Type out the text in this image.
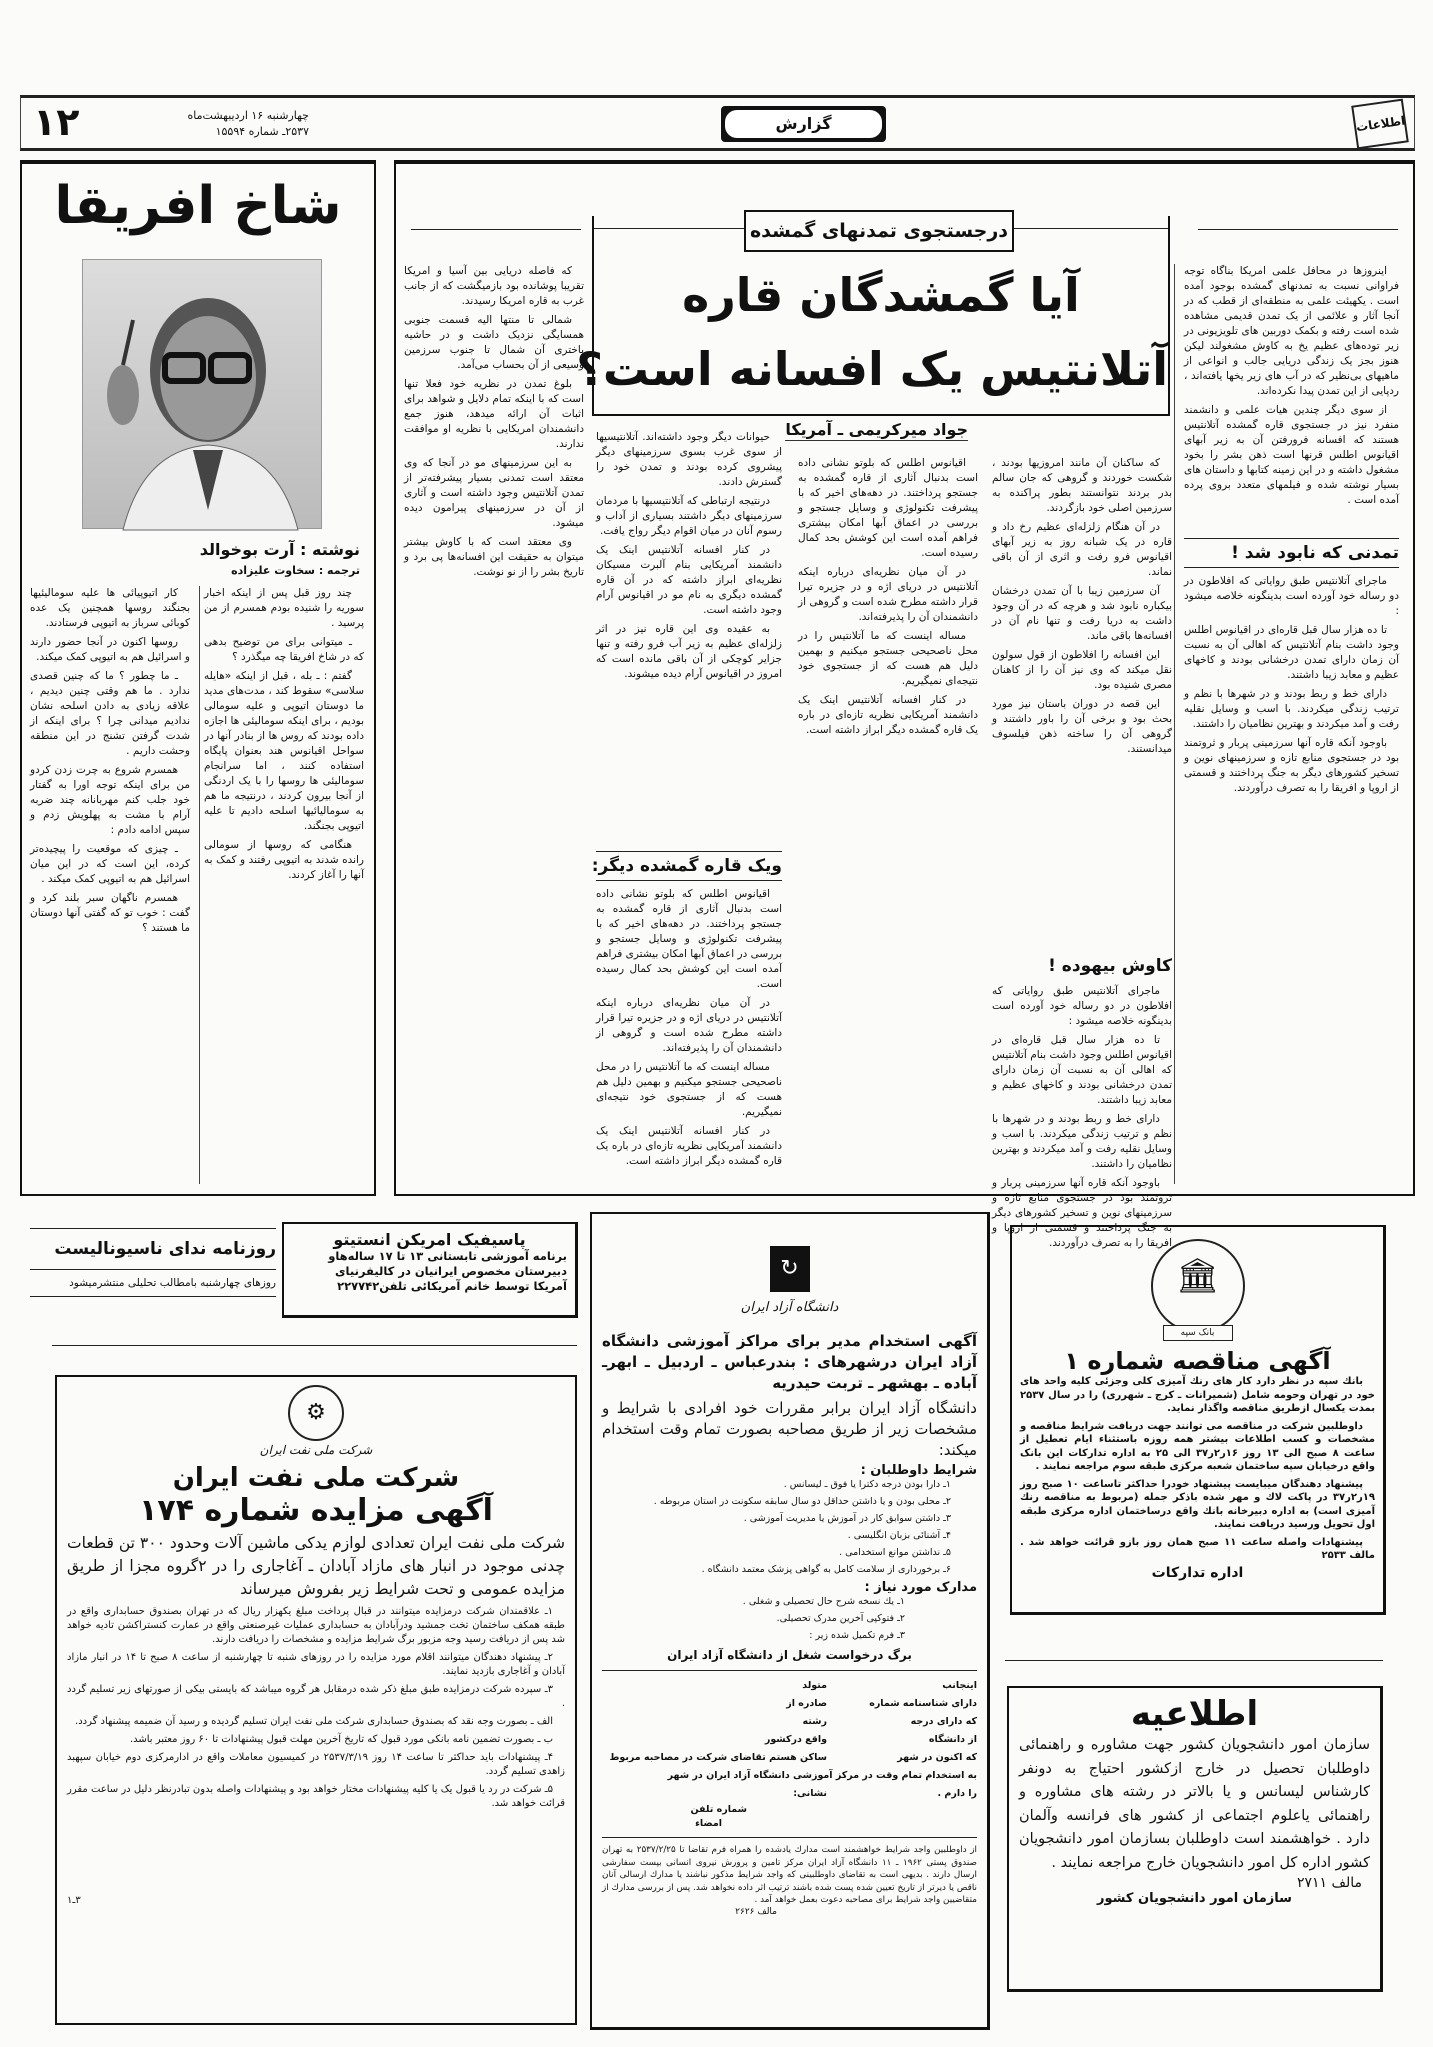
اطلاعات
گزارش
۱۲	چهارشنبه ۱۶ اردیبهشت‌ماه
۲۵۳۷ـ شماره ۱۵۵۹۴
شاخ افریقا
نوشته : آرت بوخوالد
ترجمه : سخاوت علیزاده

چند روز قبل پس از اینکه اخبار سوریه را شنیده بودم همسرم از من پرسید .

ـ میتوانی برای من توضیح بدهی که در شاخ افریقا چه میگذرد ؟

گفتم : ـ بله ، قبل از اینکه «هایله سلاسی» سقوط کند ، مدت‌های مدید ما دوستان اتیوپی و علیه سومالی بودیم ، برای اینکه سومالیئی ها اجازه داده بودند که روس ها از بنادر آنها در سواحل اقیانوس هند بعنوان پایگاه استفاده کنند ، اما سرانجام سومالیئی ها روسها را با یک اردنگی از آنجا بیرون کردند ، درنتیجه ما هم به سومالیائیها اسلحه دادیم تا علیه اتیوپی بجنگند.

هنگامی که روسها از سومالی رانده شدند به اتیوپی رفتند و کمک به آنها را آغاز کردند.

کار اتیوپیائی ها علیه سومالیئیها بجنگند روسها همچنین یک عده کوبائی سرباز به اتیوپی فرستادند.

روسها اکنون در آنجا حضور دارند و اسرائیل هم به اتیوپی کمک میکند.

ـ ما چطور ؟ ما که چنین قصدی ندارد . ما هم وقتی چنین دیدیم ، علاقه زیادی به دادن اسلحه نشان ندادیم میدانی چرا ؟ برای اینکه از شدت گرفتن تشنج در این منطقه وحشت داریم .

همسرم شروع به چرت زدن کردو من برای اینکه توجه اورا به گفتار خود جلب کنم مهربانانه چند ضربه آرام با مشت به پهلویش زدم و سپس ادامه دادم :

ـ چیزی که موقعیت را پیچیده‌تر کرده، این است که در این میان اسرائیل هم به اتیوپی کمک میکند .

همسرم ناگهان سبر بلند کرد و گفت : خوب تو که گفتی آنها دوستان ما هستند ؟

درجستجوی تمدنهای گمشده
آیا گمشدگان قاره
آتلانتیس یک افسانه است؟
جواد میرکریمی ـ آمریکا

اینروزها در محافل علمی امریکا بناگاه توجه فراوانی نسبت به تمدنهای گمشده بوجود آمده است . یکهیئت علمی به منطقه‌ای از قطب که در آنجا آثار و علائمی از یک تمدن قدیمی مشاهده شده است رفته و بکمک دوربین های تلویزیونی در زیر توده‌های عظیم یخ به کاوش مشغولند لیکن هنوز بجز یک زندگی دریایی جالب و انواعی از ماهیهای بی‌نظیر که در آب های زیر یخها یافته‌اند ، ردپایی از این تمدن پیدا نکرده‌اند.

از سوی دیگر چندین هیات علمی و دانشمند منفرد نیز در جستجوی قاره گمشده آتلانتیس هستند که افسانه فرورفتن آن به زیر آبهای اقیانوس اطلس قرنها است ذهن بشر را بخود مشغول داشته و در این زمینه کتابها و داستان های بسیار نوشته شده و فیلمهای متعدد بروی پرده آمده است .

تمدنی که نابود شد !

ماجرای آتلانتیس طبق روایاتی که افلاطون در دو رساله خود آورده است بدینگونه خلاصه میشود :

تا ده هزار سال قبل قاره‌ای در اقیانوس اطلس وجود داشت بنام آتلانتیس که اهالی آن به نسبت آن زمان دارای تمدن درخشانی بودند و کاخهای عظیم و معابد زیبا داشتند.

دارای خط و ربط بودند و در شهرها با نظم و ترتیب زندگی میکردند. با اسب و وسایل نقلیه رفت و آمد میکردند و بهترین نظامیان را داشتند.

باوجود آنکه قاره آنها سرزمینی پربار و ثروتمند بود در جستجوی منابع تازه و سرزمینهای نوین و تسخیر کشورهای دیگر به جنگ پرداختند و قسمتی از اروپا و افریقا را به تصرف درآوردند.

که ساکنان آن مانند امروزیها بودند ، شکست خوردند و گروهی که جان سالم بدر بردند نتوانستند بطور پراکنده به سرزمین اصلی خود بازگردند.

در آن هنگام زلزله‌ای عظیم رخ داد و قاره در یک شبانه روز به زیر آبهای اقیانوس فرو رفت و اثری از آن باقی نماند.

آن سرزمین زیبا با آن تمدن درخشان بیکباره نابود شد و هرچه که در آن وجود داشت به دریا رفت و تنها نام آن در افسانه‌ها باقی ماند.

این افسانه را افلاطون از قول سولون نقل میکند که وی نیز آن را از کاهنان مصری شنیده بود.

این قصه در دوران باستان نیز مورد بحث بود و برخی آن را باور داشتند و گروهی آن را ساخته ذهن فیلسوف میدانستند.

کاوش بیهوده !

ماجرای آتلانتیس طبق روایاتی که افلاطون در دو رساله خود آورده است بدینگونه خلاصه میشود :

تا ده هزار سال قبل قاره‌ای در اقیانوس اطلس وجود داشت بنام آتلانتیس که اهالی آن به نسبت آن زمان دارای تمدن درخشانی بودند و کاخهای عظیم و معابد زیبا داشتند.

دارای خط و ربط بودند و در شهرها با نظم و ترتیب زندگی میکردند. با اسب و وسایل نقلیه رفت و آمد میکردند و بهترین نظامیان را داشتند.

باوجود آنکه قاره آنها سرزمینی پربار و ثروتمند بود در جستجوی منابع تازه و سرزمینهای نوین و تسخیر کشورهای دیگر به جنگ پرداختند و قسمتی از اروپا و افریقا را به تصرف درآوردند.

اقیانوس اطلس که بلوتو نشانی داده است بدنبال آثاری از قاره گمشده به جستجو پرداختند. در دهه‌های اخیر که با پیشرفت تکنولوژی و وسایل جستجو و بررسی در اعماق آبها امکان بیشتری فراهم آمده است این کوشش بحد کمال رسیده است.

در آن میان نظریه‌ای درباره اینکه آتلانتیس در دریای اژه و در جزیره تیرا قرار داشته مطرح شده است و گروهی از دانشمندان آن را پذیرفته‌اند.

مساله اینست که ما آتلانتیس را در محل ناصحیحی جستجو میکنیم و بهمین دلیل هم هست که از جستجوی خود نتیجه‌ای نمیگیریم.

در کنار افسانه آتلانتیس اینک یک دانشمند آمریکایی نظریه تازه‌ای در باره یک قاره گمشده دیگر ابراز داشته است.

حیوانات دیگر وجود داشته‌اند. آتلانتیسیها از سوی غرب بسوی سرزمینهای دیگر پیشروی کرده بودند و تمدن خود را گسترش دادند.

درنتیجه ارتباطی که آتلانتیسیها با مردمان سرزمینهای دیگر داشتند بسیاری از آداب و رسوم آنان در میان اقوام دیگر رواج یافت.

در کنار افسانه آتلانتیس اینک یک دانشمند آمریکایی بنام آلبرت مسیکان نظریه‌ای ابراز داشته که در آن قاره گمشده دیگری به نام مو در اقیانوس آرام وجود داشته است.

به عقیده وی این قاره نیز در اثر زلزله‌ای عظیم به زیر آب فرو رفته و تنها جزایر کوچکی از آن باقی مانده است که امروز در اقیانوس آرام دیده میشوند.

ویک قاره گمشده دیگر:

اقیانوس اطلس که بلوتو نشانی داده است بدنبال آثاری از قاره گمشده به جستجو پرداختند. در دهه‌های اخیر که با پیشرفت تکنولوژی و وسایل جستجو و بررسی در اعماق آبها امکان بیشتری فراهم آمده است این کوشش بحد کمال رسیده است.

در آن میان نظریه‌ای درباره اینکه آتلانتیس در دریای اژه و در جزیره تیرا قرار داشته مطرح شده است و گروهی از دانشمندان آن را پذیرفته‌اند.

مساله اینست که ما آتلانتیس را در محل ناصحیحی جستجو میکنیم و بهمین دلیل هم هست که از جستجوی خود نتیجه‌ای نمیگیریم.

در کنار افسانه آتلانتیس اینک یک دانشمند آمریکایی نظریه تازه‌ای در باره یک قاره گمشده دیگر ابراز داشته است.

که فاصله دریایی بین آسیا و امریکا تقریبا پوشانده بود بازمیگشت که از جانب غرب به قاره امریکا رسیدند.

شمالی تا منتها الیه قسمت جنوبی همسایگی نزدیک داشت و در حاشیه باختری آن شمال تا جنوب سرزمین وسیعی از آن بحساب می‌آمد.

بلوغ تمدن در نظریه خود فعلا تنها است که با اینکه تمام دلایل و شواهد برای اثبات آن ارائه میدهد، هنوز جمع دانشمندان امریکایی با نظریه او موافقت ندارند.

به این سرزمینهای مو در آنجا که وی معتقد است تمدنی بسیار پیشرفته‌تر از تمدن آتلانتیس وجود داشته است و آثاری از آن در سرزمینهای پیرامون دیده میشود.

وی معتقد است که با کاوش بیشتر میتوان به حقیقت این افسانه‌ها پی برد و تاریخ بشر را از نو نوشت.

پاسیفیک امریکن انستیتو
برنامه آموزشی تابستانی ۱۳ تا ۱۷ ساله‌هاو
دبیرستان مخصوص ایرانیان در کالیفرنیای
آمریکا توسط خانم آمریکائی تلفن۲۲۷۷۴۲
روزنامه ندای ناسیونالیست
روزهای چهارشنبه بامطالب تحلیلی منتشرمیشود
⚙
شرکت ملی نفت ایران
شرکت ملی نفت ایران
آگهی مزایده شماره ۱۷۴
شرکت ملی نفت ایران تعدادی لوازم یدکی ماشین آلات وحدود ۳۰۰ تن قطعات چدنی موجود در انبار های مازاد آبادان ـ آغاجاری را در ۲گروه مجزا از طریق مزایده عمومی و تحت شرایط زیر بفروش میرساند

۱ـ علاقمندان شرکت درمزایده میتوانند در قبال پرداخت مبلغ یکهزار ریال که در تهران بصندوق حسابداری واقع در طبقه همکف ساختمان تخت جمشید ودرآبادان به حسابداری عملیات غیرصنعتی واقع در عمارت کنستراکشن تادیه خواهد شد پس از دریافت رسید وجه مزبور برگ شرایط مزایده و مشخصات را دریافت دارند.

۲ـ پیشنهاد دهندگان میتوانند اقلام مورد مزایده را در روزهای شنبه تا چهارشنبه از ساعت ۸ صبح تا ۱۴ در انبار مازاد آبادان و آغاجاری بازدید نمایند.

۳ـ سپرده شرکت درمزایده طبق مبلغ ذکر شده درمقابل هر گروه میباشد که بایستی بیکی از صورتهای زیر تسلیم گردد .

الف ـ بصورت وجه نقد که بصندوق حسابداری شرکت ملی نفت ایران تسلیم گردیده و رسید آن ضمیمه پیشنهاد گردد.

ب ـ بصورت تضمین نامه بانکی مورد قبول که تاریخ آخرین مهلت قبول پیشنهادات تا ۶۰ روز معتبر باشد.

۴ـ پیشنهادات باید حداکثر تا ساعت ۱۴ روز ۲۵۳۷/۳/۱۹ در کمیسیون معاملات واقع در ادارمرکزی دوم خیابان سپهبد زاهدی تسلیم گردد.

۵ـ شرکت در رد یا قبول یک یا کلیه پیشنهادات مختار خواهد بود و پیشنهادات واصله بدون تبادرنظر دلیل در ساعت مقرر قرائت خواهد شد.

۳ـ۱
↻
دانشگاه آزاد ایران
آگهی استخدام مدیر برای مراکز آموزشی دانشگاه آزاد ایران درشهرهای : بندرعباس ـ اردبیل ـ ابهرـ آباده ـ بهشهر ـ تربت حیدریه
دانشگاه آزاد ایران برابر مقررات خود افرادی با شرایط و مشخصات زیر از طریق مصاحبه بصورت تمام وقت استخدام میکند:
شرایط داوطلبان :

۱ـ دارا بودن درجه دکترا یا فوق ـ لیسانس .

۲ـ محلی بودن و یا داشتن حداقل دو سال سابقه سکونت در استان مربوطه .

۳ـ داشتن سوابق کار در آموزش یا مدیریت آموزشی .

۴ـ آشنائی بزبان انگلیسی .

۵ـ نداشتن موانع استخدامی .

۶ـ برخورداری از سلامت کامل به گواهی پزشک معتمد دانشگاه .

مدارک مورد نیاز :

۱ـ یك نسخه شرح حال تحصیلی و شغلی .

۲ـ فتوکپی آخرین مدرک تحصیلی.

۳ـ فرم تکمیل شده زیر :

برگ درخواست شغل از دانشگاه آزاد ایران
اینجانب
متولد
دارای شناسنامه شماره
صادره از
که دارای درجه
رشته
از دانشگاه
واقع درکشور
که اکنون در شهر
ساکن هستم تقاضای شرکت در مصاحبه مربوط
به استخدام تمام وقت در مرکز آموزشی دانشگاه آزاد ایران در شهر
را دارم .
نشانی:
شماره تلفن
امضاء
از داوطلبین واجد شرایط خواهشمند است مدارك یادشده را همراه فرم تقاضا تا ۲۵۳۷/۲/۲۵ به تهران صندوق پستی ۱۹۶۲ ـ ۱۱ دانشگاه آزاد ایران مرکز تامین و پرورش نیروی انسانی بپست سفارشی ارسال دارند . بدیهی است به تقاضای داوطلبینی که واجد شرایط مذکور نباشند یا مدارك ارسالی آنان ناقص یا دیرتر از تاریخ تعیین شده پست شده باشند ترتیب اثر داده نخواهد شد. پس از بررسی مدارك از متقاضیین واجد شرایط برای مصاحبه دعوت بعمل خواهد آمد .
مالف ۲۶۲۶
🏛
بانک سپه
آگهی مناقصه شماره ۱

بانك سپه در نظر دارد کار های رنك آمیزی کلی وجزئی کلیه واحد های خود در تهران وحومه شامل (شمیرانات ـ کرج ـ شهرری) را در سال ۲۵۳۷ بمدت یکسال ازطریق مناقصه واگذار نماید.

داوطلبین شرکت در مناقصه می توانند جهت دریافت شرایط مناقصه و مشخصات و کسب اطلاعات بیشتر همه روزه باستثناء ایام تعطیل از ساعت ۸ صبح الی ۱۳ روز ۱۶ر۲ر۳۷ الی ۲۵ به اداره تدارکات این بانک واقع درخیابان سپه ساختمان شعبه مرکزی طبقه سوم مراجعه نمایند .

پیشنهاد دهندگان میبایست پیشنهاد خودرا حداکثر تاساعت ۱۰ صبح روز ۱۹ر۲ر۳۷ در پاکت لاك و مهر شده باذکر جمله (مربوط به مناقصه رنك آمیزی است) به اداره دبیرخانه بانك واقع درساختمان اداره مرکزی طبقه اول تحویل ورسید دریافت نمایند.

پیشنهادات واصله ساعت ۱۱ صبح همان روز بازو قرائت خواهد شد . مالف ۲۵۳۳

اداره تدارکات
اطلاعیه
سازمان امور دانشجویان کشور جهت مشاوره و راهنمائی داوطلبان تحصیل در خارج ازکشور احتیاج به دونفر کارشناس لیسانس و یا بالاتر در رشته های مشاوره و راهنمائی یاعلوم اجتماعی از کشور های فرانسه وآلمان دارد . خواهشمند است داوطلبان بسازمان امور دانشجویان کشور اداره کل امور دانشجویان خارج مراجعه نمایند .
مالف ۲۷۱۱
سازمان امور دانشجویان کشور
